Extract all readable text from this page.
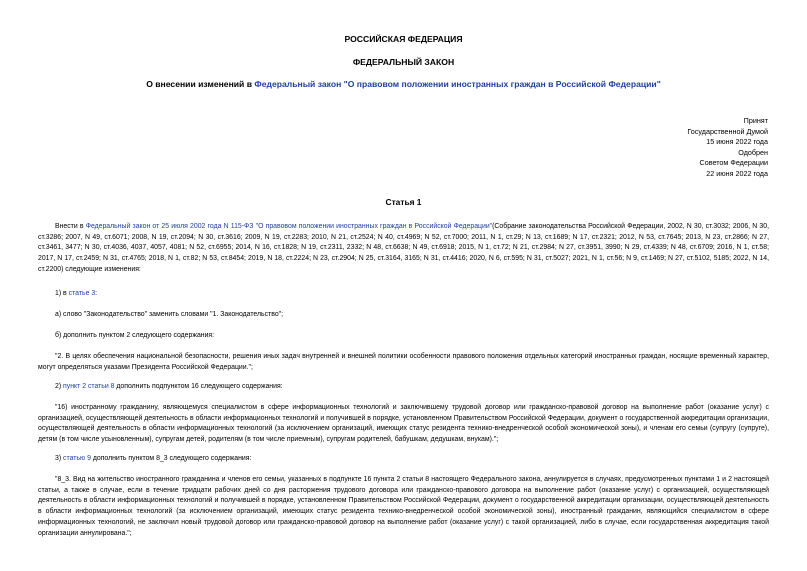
РОССИЙСКАЯ ФЕДЕРАЦИЯ
ФЕДЕРАЛЬНЫЙ ЗАКОН
О внесении изменений в Федеральный закон "О правовом положении иностранных граждан в Российской Федерации"
Принят
Государственной Думой
15 июня 2022 года
Одобрен
Советом Федерации
22 июня 2022 года
Статья 1

Внести в Федеральный закон от 25 июля 2002 года N 115-ФЗ "О правовом положении иностранных граждан в Российской Федерации"(Собрание законодательства Российской Федерации, 2002, N 30, ст.3032; 2006, N 30, ст.3286; 2007, N 49, ст.6071; 2008, N 19, ст.2094; N 30, ст.3616; 2009, N 19, ст.2283; 2010, N 21, ст.2524; N 40, ст.4969; N 52, ст.7000; 2011, N 1, ст.29; N 13, ст.1689; N 17, ст.2321; 2012, N 53, ст.7645; 2013, N 23, ст.2866; N 27, ст.3461, 3477; N 30, ст.4036, 4037, 4057, 4081; N 52, ст.6955; 2014, N 16, ст.1828; N 19, ст.2311, 2332; N 48, ст.6638; N 49, ст.6918; 2015, N 1, ст.72; N 21, ст.2984; N 27, ст.3951, 3990; N 29, ст.4339; N 48, ст.6709; 2016, N 1, ст.58; 2017, N 17, ст.2459; N 31, ст.4765; 2018, N 1, ст.82; N 53, ст.8454; 2019, N 18, ст.2224; N 23, ст.2904; N 25, ст.3164, 3165; N 31, ст.4416; 2020, N 6, ст.595; N 31, ст.5027; 2021, N 1, ст.56; N 9, ст.1469; N 27, ст.5102, 5185; 2022, N 14, ст.2200) следующие изменения:

1) в статье 3:

а) слово "Законодательство" заменить словами "1. Законодательство";

б) дополнить пунктом 2 следующего содержания:

"2. В целях обеспечения национальной безопасности, решения иных задач внутренней и внешней политики особенности правового положения отдельных категорий иностранных граждан, носящие временный характер, могут определяться указами Президента Российской Федерации.";

2) пункт 2 статьи 8 дополнить подпунктом 16 следующего содержания:

"16) иностранному гражданину, являющемуся специалистом в сфере информационных технологий и заключившему трудовой договор или гражданско-правовой договор на выполнение работ (оказание услуг) с организацией, осуществляющей деятельность в области информационных технологий и получившей в порядке, установленном Правительством Российской Федерации, документ о государственной аккредитации организации, осуществляющей деятельность в области информационных технологий (за исключением организаций, имеющих статус резидента технико-внедренческой особой экономической зоны), и членам его семьи (супругу (супруге), детям (в том числе усыновленным), супругам детей, родителям (в том числе приемным), супругам родителей, бабушкам, дедушкам, внукам).";

3) статью 9 дополнить пунктом 8_3 следующего содержания:

"8_3. Вид на жительство иностранного гражданина и членов его семьи, указанных в подпункте 16 пункта 2 статьи 8 настоящего Федерального закона, аннулируется в случаях, предусмотренных пунктами 1 и 2 настоящей статьи, а также в случае, если в течение тридцати рабочих дней со дня расторжения трудового договора или гражданско-правового договора на выполнение работ (оказание услуг) с организацией, осуществляющей деятельность в области информационных технологий и получившей в порядке, установленном Правительством Российской Федерации, документ о государственной аккредитации организации, осуществляющей деятельность в области информационных технологий (за исключением организаций, имеющих статус резидента технико-внедренческой особой экономической зоны), иностранный гражданин, являющийся специалистом в сфере информационных технологий, не заключил новый трудовой договор или гражданско-правовой договор на выполнение работ (оказание услуг) с такой организацией, либо в случае, если государственная аккредитация такой организации аннулирована.";
